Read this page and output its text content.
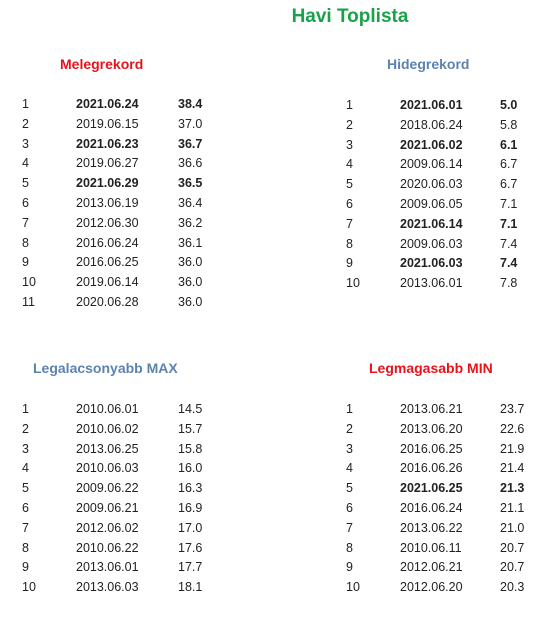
Havi Toplista
Melegrekord
1	2021.06.24	38.4
2	2019.06.15	37.0
3	2021.06.23	36.7
4	2019.06.27	36.6
5	2021.06.29	36.5
6	2013.06.19	36.4
7	2012.06.30	36.2
8	2016.06.24	36.1
9	2016.06.25	36.0
10	2019.06.14	36.0
11	2020.06.28	36.0
Hidegrekord
1	2021.06.01	5.0
2	2018.06.24	5.8
3	2021.06.02	6.1
4	2009.06.14	6.7
5	2020.06.03	6.7
6	2009.06.05	7.1
7	2021.06.14	7.1
8	2009.06.03	7.4
9	2021.06.03	7.4
10	2013.06.01	7.8
Legalacsonyabb MAX
1	2010.06.01	14.5
2	2010.06.02	15.7
3	2013.06.25	15.8
4	2010.06.03	16.0
5	2009.06.22	16.3
6	2009.06.21	16.9
7	2012.06.02	17.0
8	2010.06.22	17.6
9	2013.06.01	17.7
10	2013.06.03	18.1
Legmagasabb MIN
1	2013.06.21	23.7
2	2013.06.20	22.6
3	2016.06.25	21.9
4	2016.06.26	21.4
5	2021.06.25	21.3
6	2016.06.24	21.1
7	2013.06.22	21.0
8	2010.06.11	20.7
9	2012.06.21	20.7
10	2012.06.20	20.3
